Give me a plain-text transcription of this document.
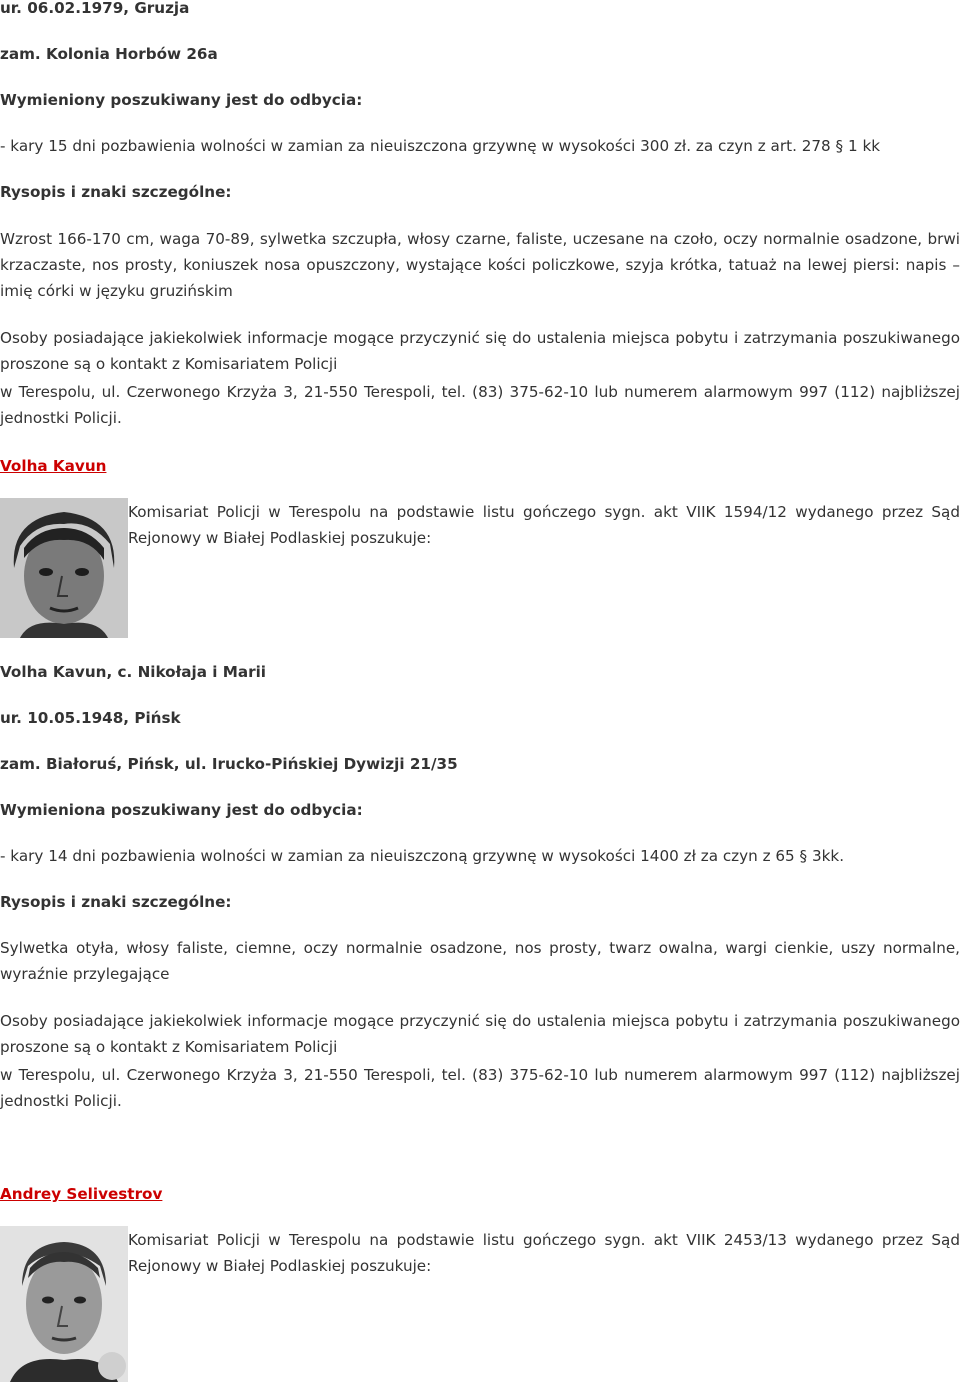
ur. 06.02.1979, Gruzja

zam. Kolonia Horbów 26a

Wymieniony poszukiwany jest do odbycia:

- kary 15 dni pozbawienia wolności w zamian za nieuiszczona grzywnę w wysokości 300 zł. za czyn z art. 278 § 1 kk

Rysopis i znaki szczególne:

Wzrost 166-170 cm, waga 70-89, sylwetka szczupła, włosy czarne, faliste, uczesane na czoło, oczy normalnie osadzone, brwi krzaczaste, nos prosty, koniuszek nosa opuszczony, wystające kości policzkowe, szyja krótka, tatuaż na lewej piersi: napis – imię córki w języku gruzińskim

Osoby posiadające jakiekolwiek informacje mogące przyczynić się do ustalenia miejsca pobytu i zatrzymania poszukiwanego proszone są o kontakt z Komisariatem Policji

w Terespolu, ul. Czerwonego Krzyża 3, 21-550 Terespoli, tel. (83) 375-62-10 lub numerem alarmowym 997 (112) najbliższej jednostki Policji.

Volha Kavun

Komisariat Policji w Terespolu na podstawie listu gończego sygn. akt VIIK 1594/12 wydanego przez Sąd Rejonowy w Białej Podlaskiej poszukuje:

Volha Kavun, c. Nikołaja i Marii

ur. 10.05.1948, Pińsk

zam. Białoruś, Pińsk, ul. Irucko-Pińskiej Dywizji 21/35

Wymieniona poszukiwany jest do odbycia:

- kary 14 dni pozbawienia wolności w zamian za nieuiszczoną grzywnę w wysokości 1400 zł za czyn z 65 § 3kk.

Rysopis i znaki szczególne:

Sylwetka otyła, włosy faliste, ciemne, oczy normalnie osadzone, nos prosty, twarz owalna, wargi cienkie, uszy normalne, wyraźnie przylegające

Osoby posiadające jakiekolwiek informacje mogące przyczynić się do ustalenia miejsca pobytu i zatrzymania poszukiwanego proszone są o kontakt z Komisariatem Policji

w Terespolu, ul. Czerwonego Krzyża 3, 21-550 Terespoli, tel. (83) 375-62-10 lub numerem alarmowym 997 (112) najbliższej jednostki Policji.

Andrey Selivestrov

Komisariat Policji w Terespolu na podstawie listu gończego sygn. akt VIIK 2453/13 wydanego przez Sąd Rejonowy w Białej Podlaskiej poszukuje:
